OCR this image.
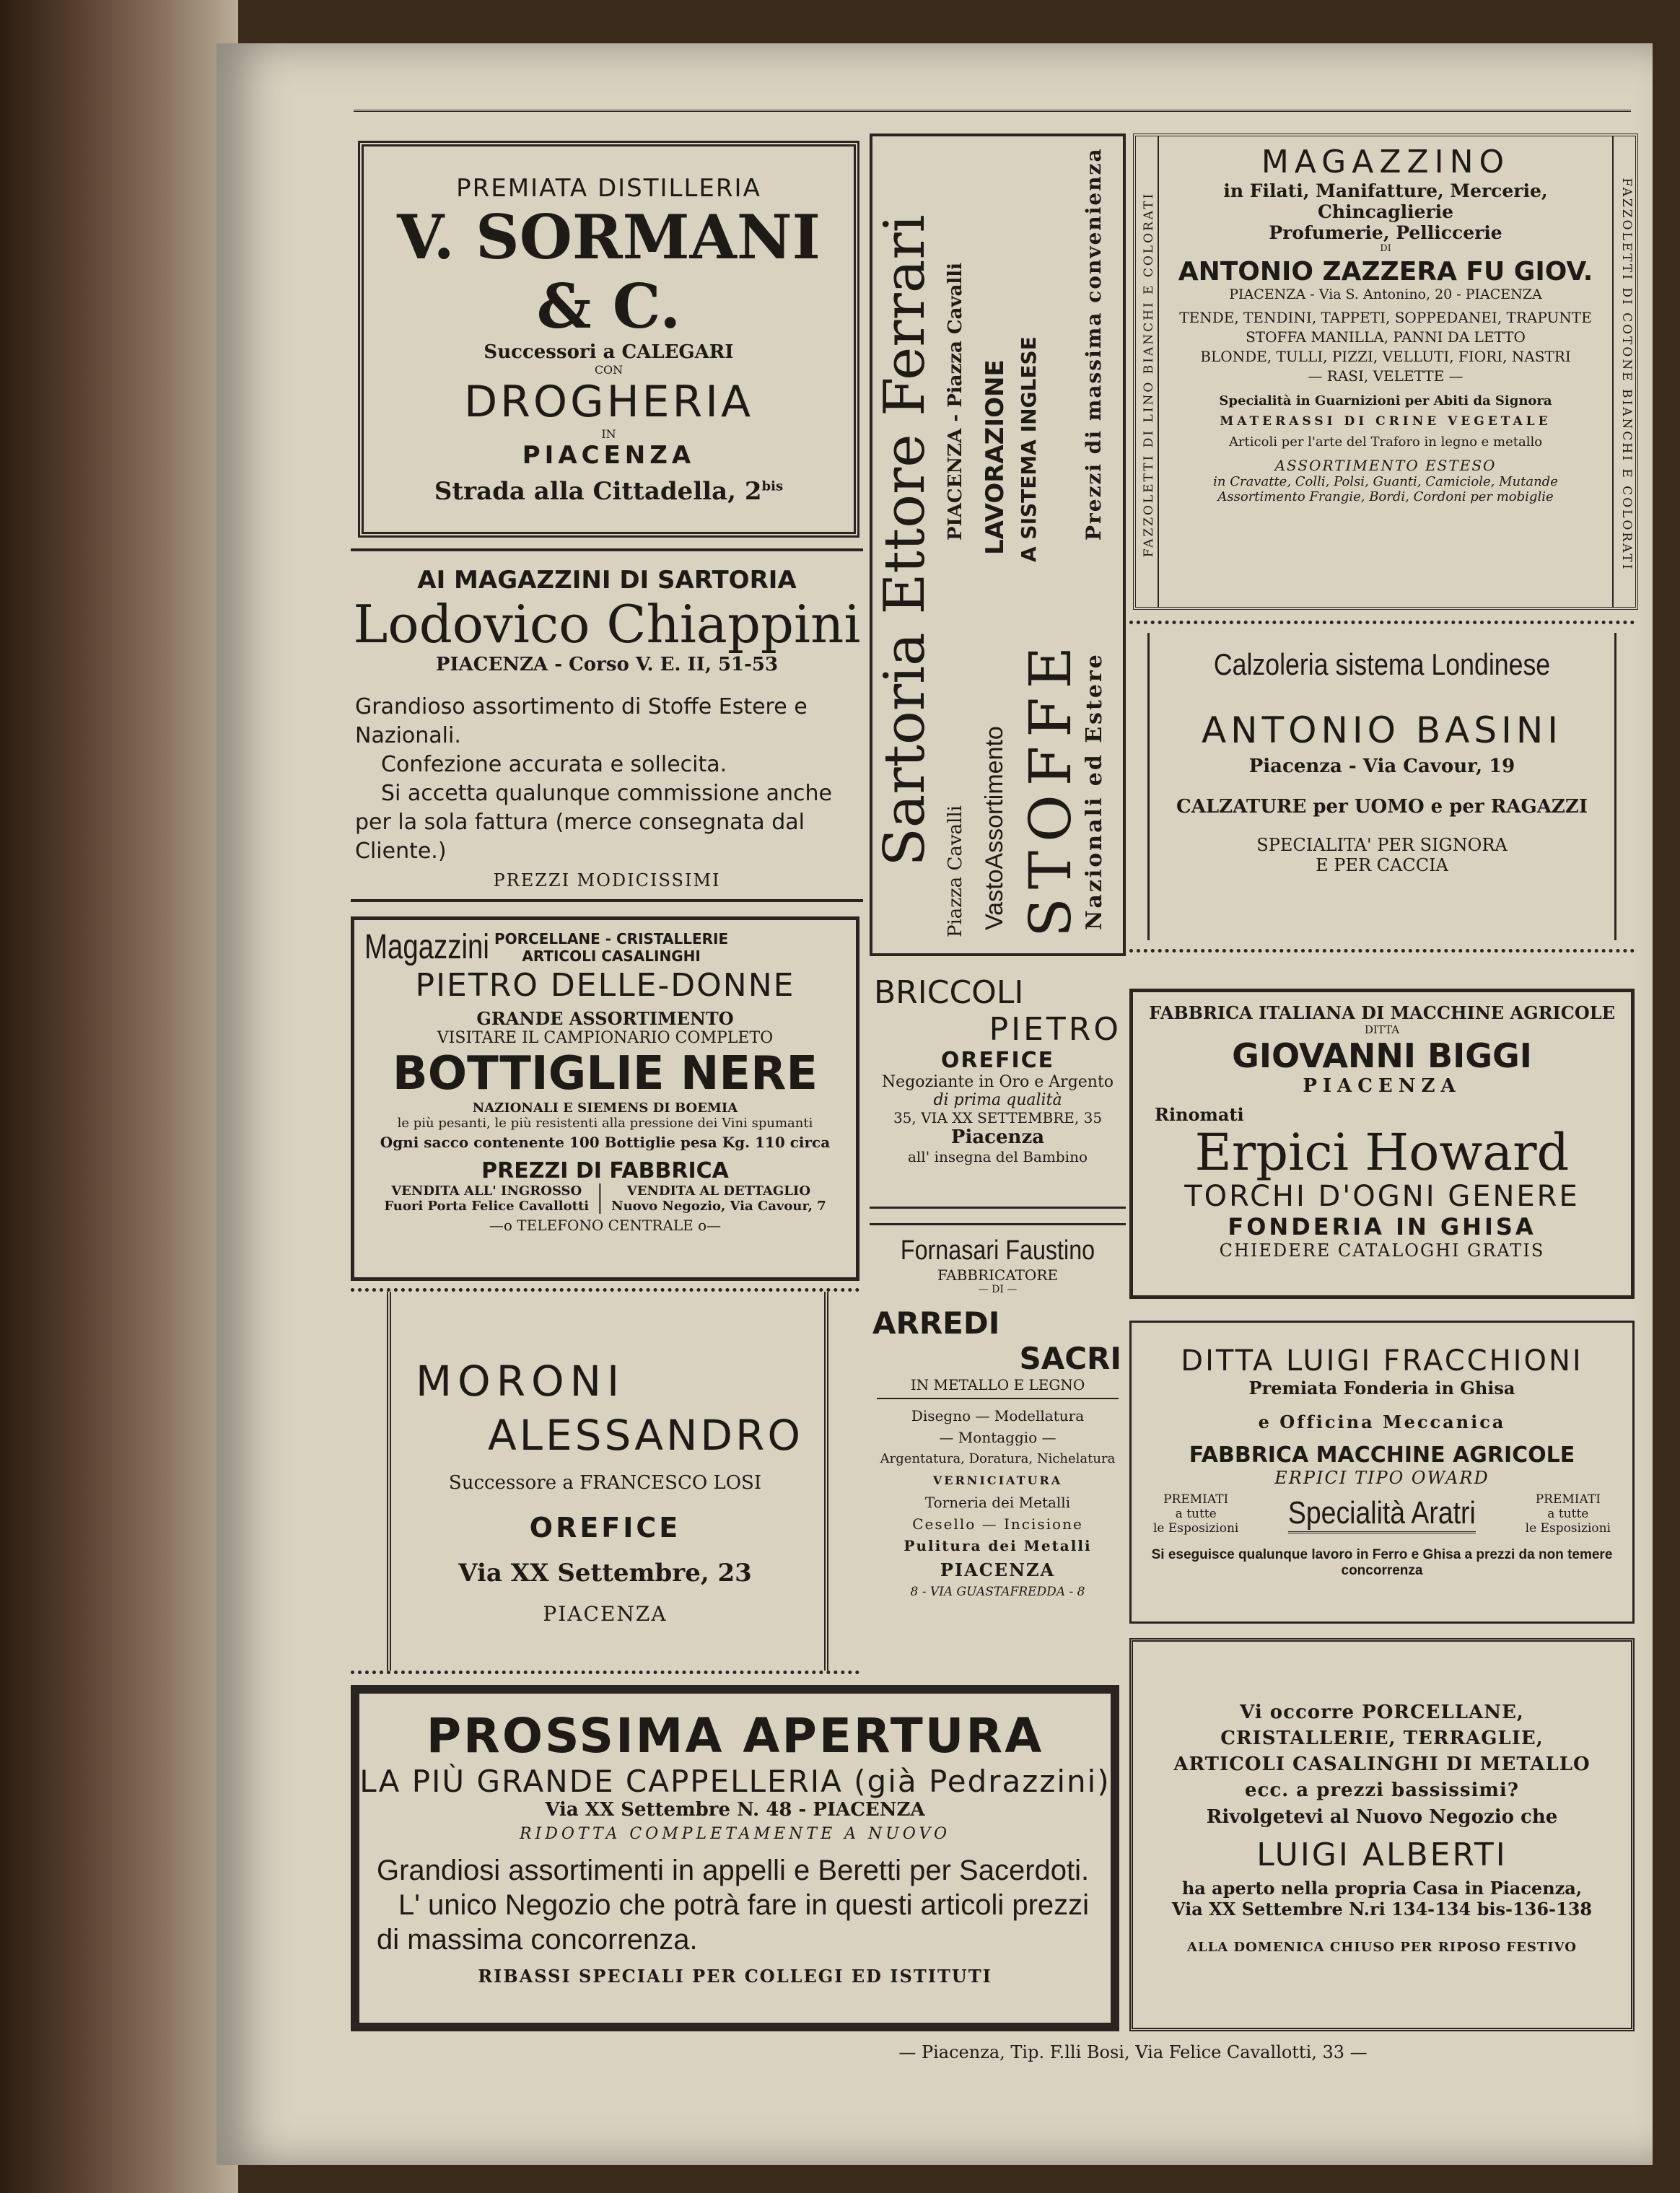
PREMIATA DISTILLERIA
V. SORMANI & C.
Successori a CALEGARI
CON
DROGHERIA
IN
PIACENZA
Strada alla Cittadella, $2^{bis}$
AI MAGAZZINI DI SARTORIA
Lodovico Chiappini
PIACENZA - Corso V. E. II, 51-53
Grandioso assortimento di Stoffe Estere e Nazionali.
Confezione accurata e sollecita.
Si accetta qualunque commissione anche per la sola fattura (merce consegnata dal Cliente.)
PREZZI MODICISSIMI
Magazzini PORCELLANE - CRISTALLERIE
ARTICOLI CASALINGHI
PIETRO DELLE-DONNE
GRANDE ASSORTIMENTO
VISITARE IL CAMPIONARIO COMPLETO
BOTTIGLIE NERE
NAZIONALI E SIEMENS DI BOEMIA
le più pesanti, le più resistenti alla pressione dei Vini spumanti
Ogni sacco contenente 100 Bottiglie pesa Kg. 110 circa
PREZZI DI FABBRICA
VENDITA ALL' INGROSSO
Fuori Porta Felice Cavallotti
VENDITA AL DETTAGLIO
Nuovo Negozio, Via Cavour, 7
—o TELEFONO CENTRALE o—
MORONI
ALESSANDRO
Successore a FRANCESCO LOSI
OREFICE
Via XX Settembre, 23
PIACENZA
Sartoria Ettore Ferrari
Piazza Cavalli
PIACENZA - Piazza Cavalli
VastoAssortimento
LAVORAZIONE A SISTEMA INGLESE
STOFFE
Prezzi di massima convenienza
Nazionali ed Estere
BRICCOLI
PIETRO
OREFICE
Negoziante in Oro e Argento
di prima qualità
35, VIA XX SETTEMBRE, 35
Piacenza
all' insegna del Bambino
Fornasari Faustino
FABBRICATORE
— DI —
ARREDI
SACRI
IN METALLO E LEGNO
Disegno — Modellatura
— Montaggio —
Argentatura, Doratura, Nichelatura
VERNICIATURA
Torneria dei Metalli
Cesello — Incisione
Pulitura dei Metalli
PIACENZA
8 - VIA GUASTAFREDDA - 8
FAZZOLETTI DI LINO BIANCHI E COLORATI	FAZZOLETTI DI COTONE BIANCHI E COLORATI
MAGAZZINO
in Filati, Manifatture, Mercerie, Chincaglierie
Profumerie, Pelliccerie
DI
ANTONIO ZAZZERA FU GIOV.
PIACENZA - Via S. Antonino, 20 - PIACENZA
TENDE, TENDINI, TAPPETI, SOPPEDANEI, TRAPUNTE
STOFFA MANILLA, PANNI DA LETTO
BLONDE, TULLI, PIZZI, VELLUTI, FIORI, NASTRI
— RASI, VELETTE —
Specialità in Guarnizioni per Abiti da Signora
MATERASSI DI CRINE VEGETALE
Articoli per l'arte del Traforo in legno e metallo
ASSORTIMENTO ESTESO
in Cravatte, Colli, Polsi, Guanti, Camiciole, Mutande
Assortimento Frangie, Bordi, Cordoni per mobiglie
Calzoleria sistema Londinese
ANTONIO BASINI
Piacenza - Via Cavour, 19
CALZATURE per UOMO e per RAGAZZI
SPECIALITA' PER SIGNORA
E PER CACCIA
FABBRICA ITALIANA DI MACCHINE AGRICOLE
DITTA
GIOVANNI BIGGI
PIACENZA
Rinomati
Erpici Howard
TORCHI D'OGNI GENERE
FONDERIA IN GHISA
CHIEDERE CATALOGHI GRATIS
DITTA LUIGI FRACCHIONI
Premiata Fonderia in Ghisa
e Officina Meccanica
FABBRICA MACCHINE AGRICOLE
ERPICI TIPO OWARD
PREMIATI
a tutte
le Esposizioni Specialità Aratri	PREMIATI
a tutte
le Esposizioni
Si eseguisce qualunque lavoro in Ferro e Ghisa a prezzi da non temere concorrenza
PROSSIMA APERTURA
LA PIÙ GRANDE CAPPELLERIA (già Pedrazzini)
Via XX Settembre N. 48 - PIACENZA
RIDOTTA COMPLETAMENTE A NUOVO
Grandiosi assortimenti in appelli e Beretti per Sacerdoti.
L' unico Negozio che potrà fare in questi articoli prezzi di massima concorrenza.
RIBASSI SPECIALI PER COLLEGI ED ISTITUTI
Vi occorre PORCELLANE, CRISTALLERIE, TERRAGLIE, ARTICOLI CASALINGHI DI METALLO ecc. a prezzi bassissimi?
Rivolgetevi al Nuovo Negozio che
LUIGI ALBERTI
ha aperto nella propria Casa in Piacenza,
Via XX Settembre N.ri 134-134 bis-136-138
ALLA DOMENICA CHIUSO PER RIPOSO FESTIVO
— Piacenza, Tip. F.lli Bosi, Via Felice Cavallotti, 33 —
